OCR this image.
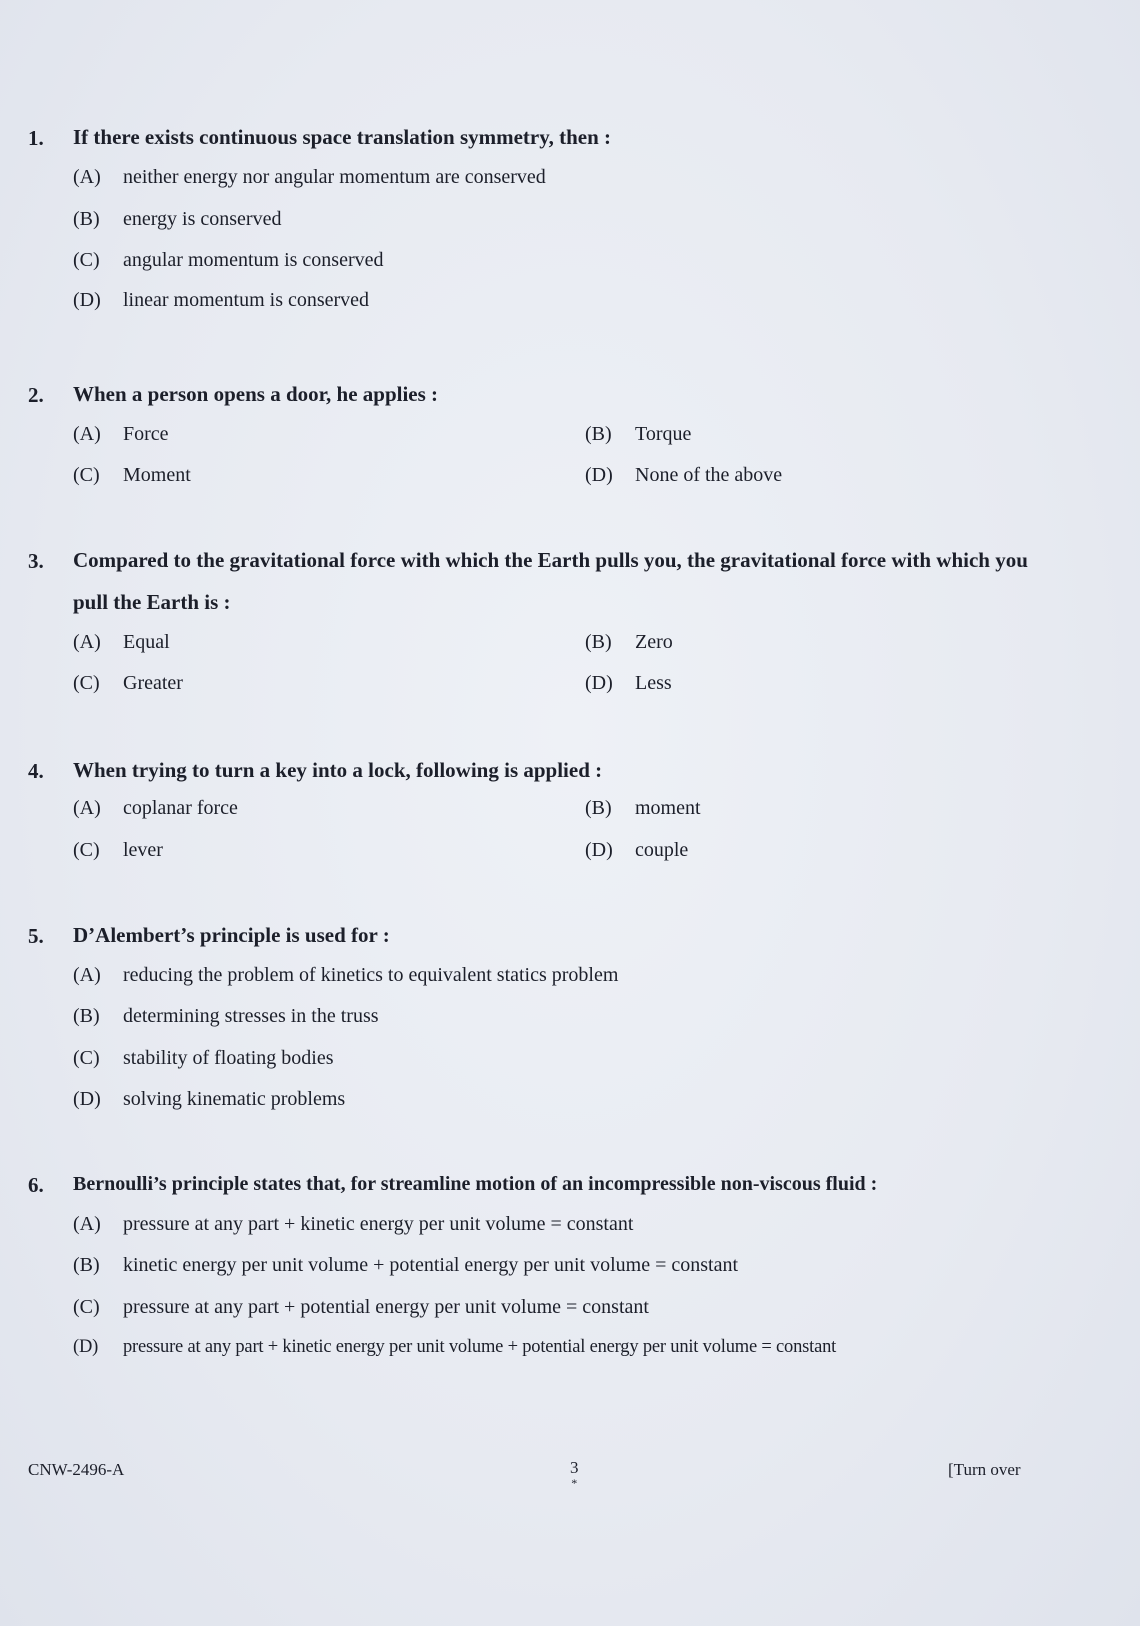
1. If there exists continuous space translation symmetry, then :
(A) neither energy nor angular momentum are conserved
(B) energy is conserved
(C) angular momentum is conserved
(D) linear momentum is conserved
2. When a person opens a door, he applies :
(A) Force	(B) Torque
(C) Moment	(D) None of the above
3. Compared to the gravitational force with which the Earth pulls you, the gravitational force with which you pull the Earth is :
(A) Equal	(B) Zero
(C) Greater	(D) Less
4. When trying to turn a key into a lock, following is applied :
(A) coplanar force	(B) moment
(C) lever	(D) couple
5. D’Alembert’s principle is used for :
(A) reducing the problem of kinetics to equivalent statics problem
(B) determining stresses in the truss
(C) stability of floating bodies
(D) solving kinematic problems
6. Bernoulli’s principle states that, for streamline motion of an incompressible non-viscous fluid :
(A) pressure at any part + kinetic energy per unit volume = constant
(B) kinetic energy per unit volume + potential energy per unit volume = constant
(C) pressure at any part + potential energy per unit volume = constant
(D) pressure at any part + kinetic energy per unit volume + potential energy per unit volume = constant
CNW-2496-A	3
*
[Turn over
